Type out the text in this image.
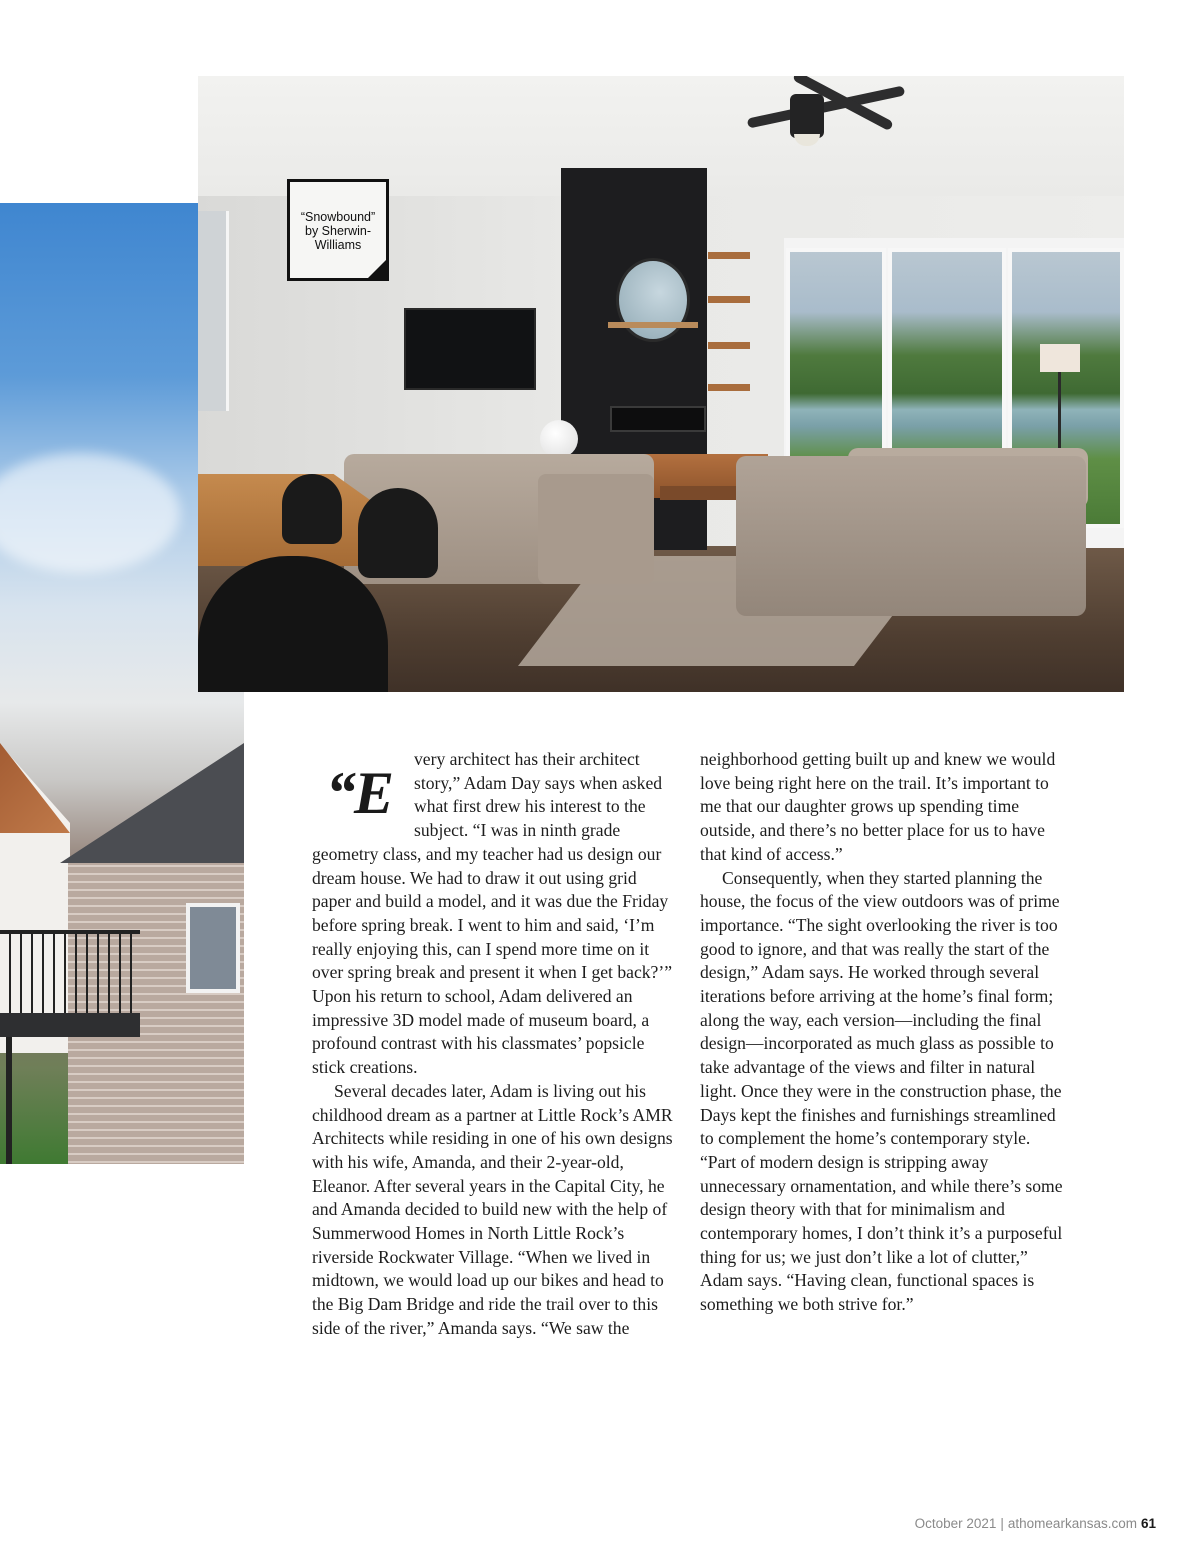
“Snowbound”
by Sherwin-
Williams
“E

very architect has their architect story,” Adam Day says when asked what first drew his interest to the subject. “I was in ninth grade geometry class, and my teacher had us design our dream house. We had to draw it out using grid paper and build a model, and it was due the Friday before spring break. I went to him and said, ‘I’m really enjoying this, can I spend more time on it over spring break and present it when I get back?’” Upon his return to school, Adam delivered an impressive 3D model made of museum board, a profound contrast with his classmates’ popsicle stick creations.

Several decades later, Adam is living out his childhood dream as a partner at Little Rock’s AMR Architects while residing in one of his own designs with his wife, Amanda, and their 2-year-old, Eleanor. After several years in the Capital City, he and Amanda decided to build new with the help of Summerwood Homes in North Little Rock’s riverside Rockwater Village. “When we lived in midtown, we would load up our bikes and head to the Big Dam Bridge and ride the trail over to this side of the river,” Amanda says. “We saw the

neighborhood getting built up and knew we would love being right here on the trail. It’s important to me that our daughter grows up spending time outside, and there’s no better place for us to have that kind of access.”

Consequently, when they started planning the house, the focus of the view outdoors was of prime importance. “The sight overlooking the river is too good to ignore, and that was really the start of the design,” Adam says. He worked through several iterations before arriving at the home’s final form; along the way, each version—including the final design—incorporated as much glass as possible to take advantage of the views and filter in natural light. Once they were in the construction phase, the Days kept the finishes and furnishings streamlined to complement the home’s contemporary style. “Part of modern design is stripping away unnecessary ornamentation, and while there’s some design theory with that for minimalism and contemporary homes, I don’t think it’s a purposeful thing for us; we just don’t like a lot of clutter,” Adam says. “Having clean, functional spaces is something we both strive for.”

October 2021 | athomearkansas.com 61
